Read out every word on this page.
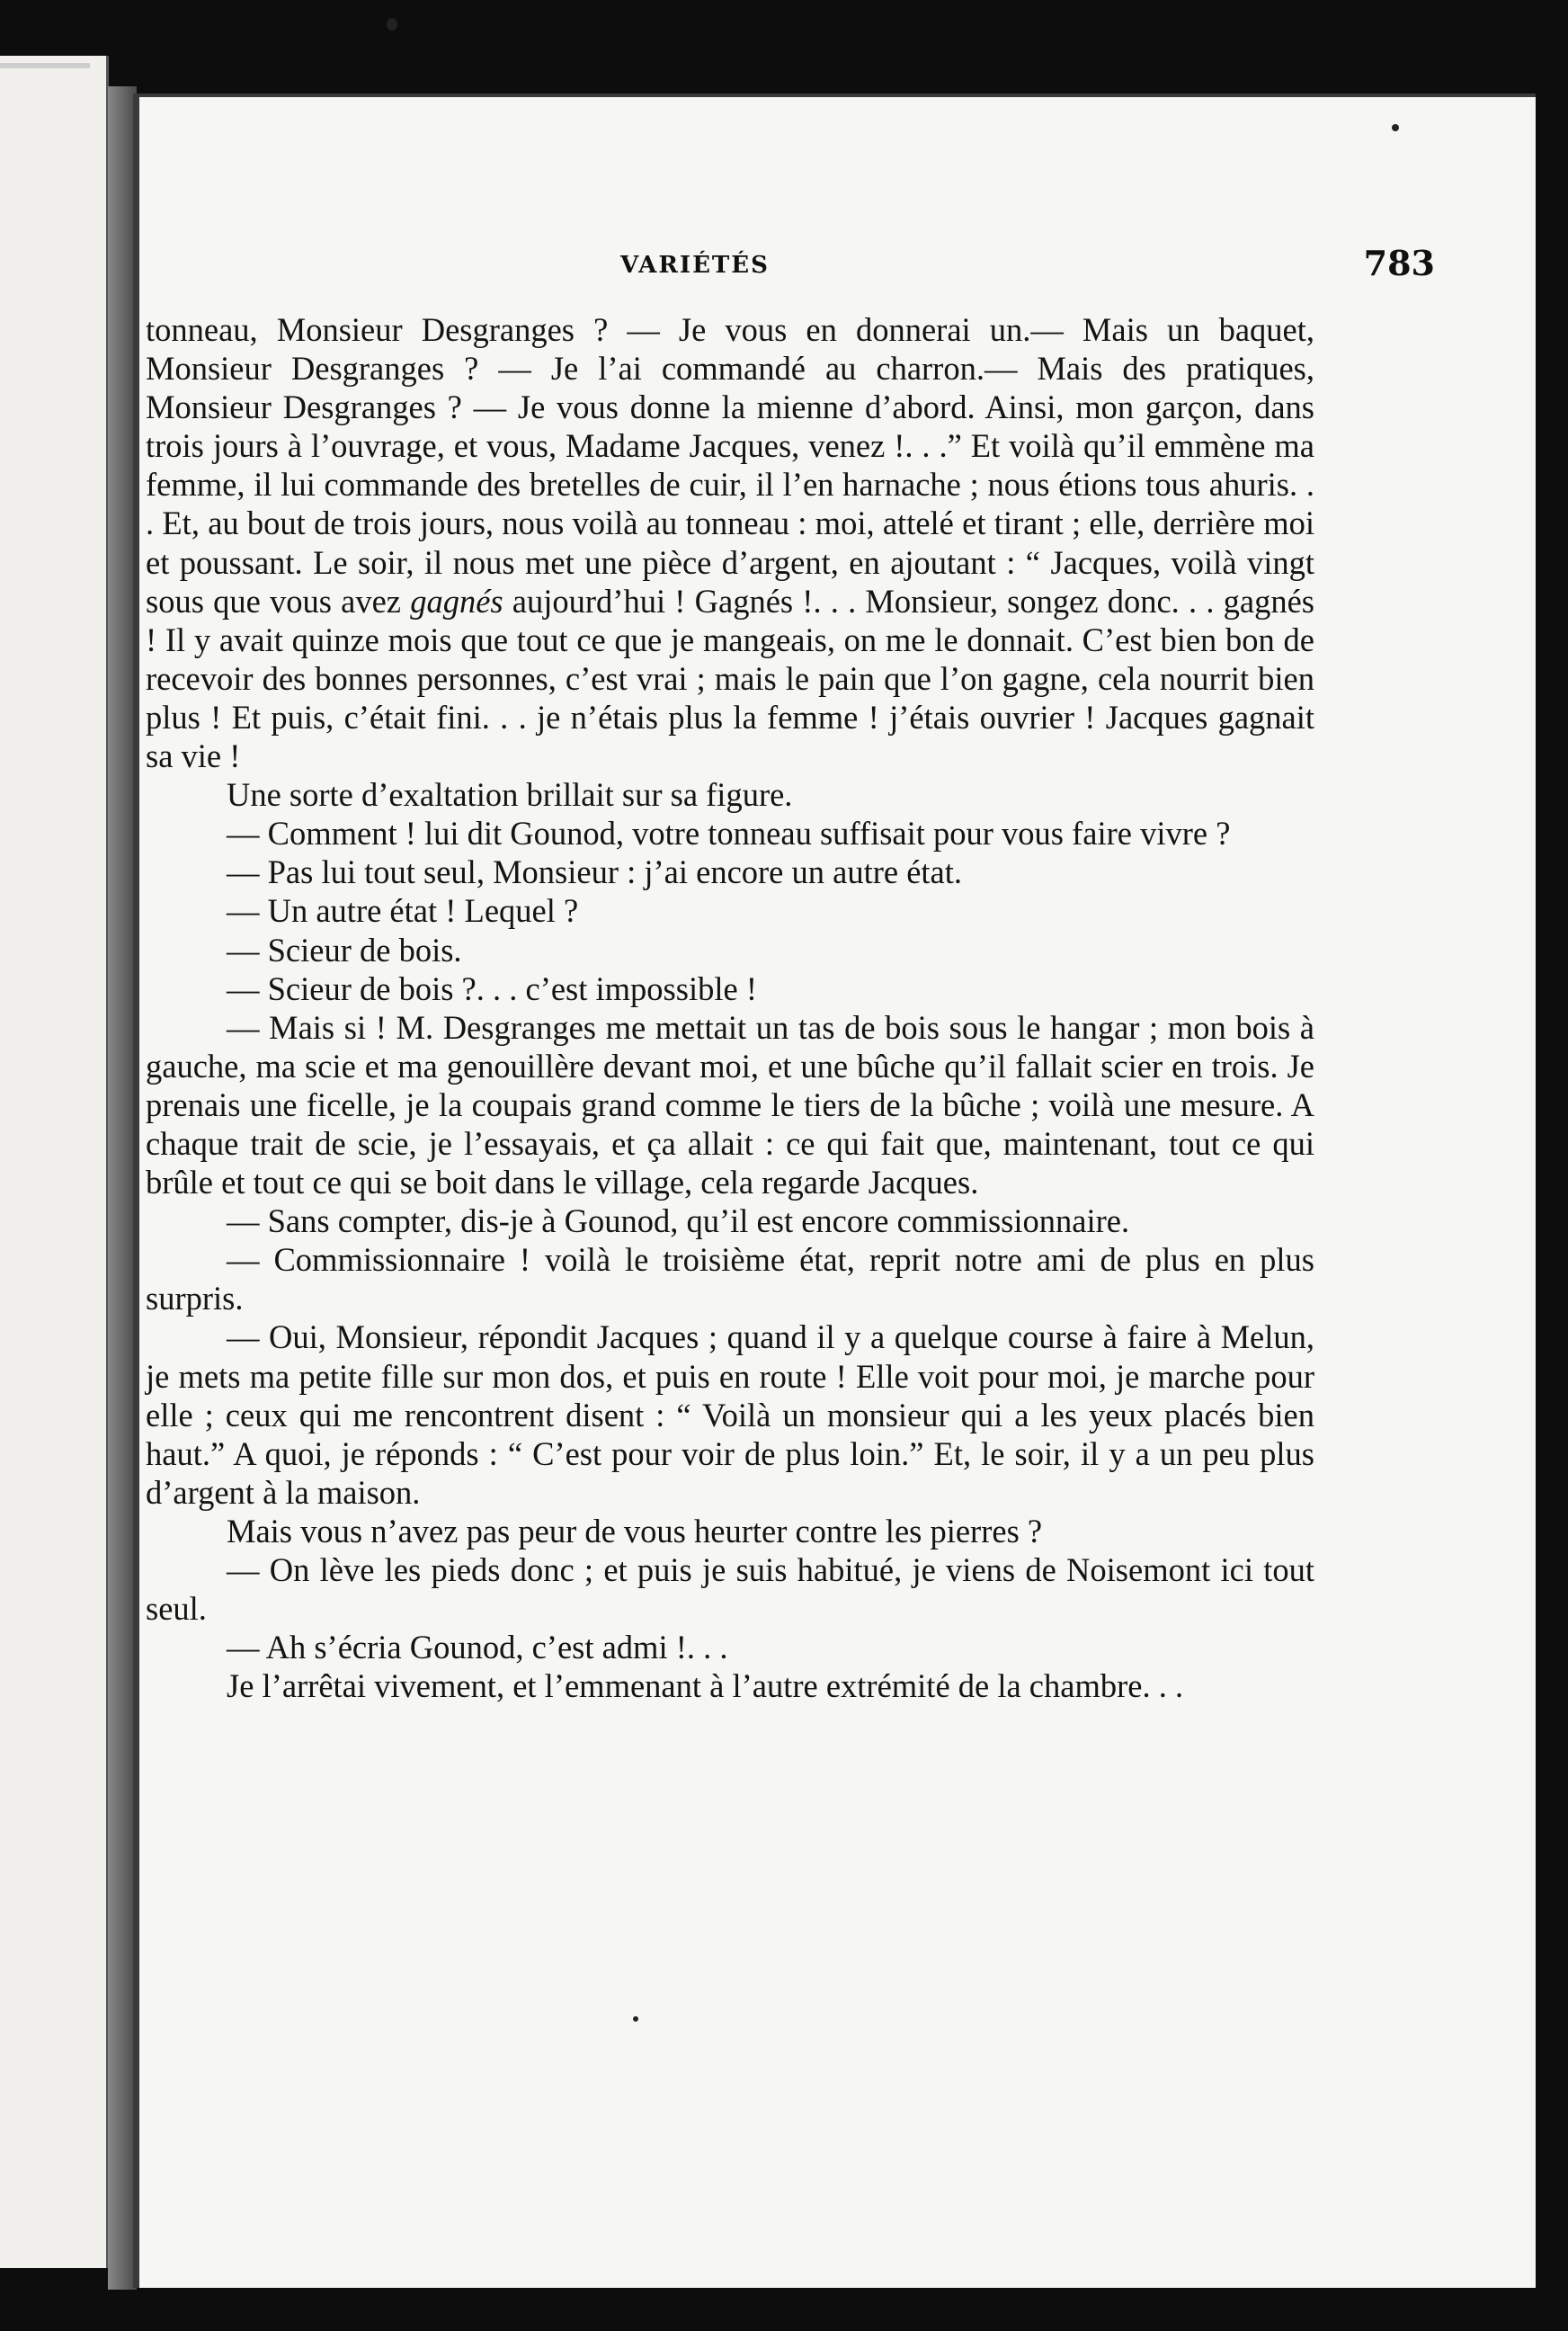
VARIÉTÉS	783

tonneau, Monsieur Desgranges ? — Je vous en donnerai un.— Mais un baquet, Monsieur Desgranges ? — Je l’ai commandé au charron.— Mais des pratiques, Monsieur Desgranges ? — Je vous donne la mienne d’abord. Ainsi, mon garçon, dans trois jours à l’ouvrage, et vous, Madame Jacques, venez !. . .” Et voilà qu’il emmène ma femme, il lui commande des bretelles de cuir, il l’en harnache ; nous étions tous ahuris. . . Et, au bout de trois jours, nous voilà au tonneau : moi, attelé et tirant ; elle, derrière moi et poussant. Le soir, il nous met une pièce d’argent, en ajoutant : “ Jacques, voilà vingt sous que vous avez gagnés aujourd’hui ! Gagnés !. . . Monsieur, songez donc. . . gagnés ! Il y avait quinze mois que tout ce que je mangeais, on me le donnait. C’est bien bon de recevoir des bonnes personnes, c’est vrai ; mais le pain que l’on gagne, cela nourrit bien plus ! Et puis, c’était fini. . . je n’étais plus la femme ! j’étais ouvrier ! Jacques gagnait sa vie !

Une sorte d’exaltation brillait sur sa figure.

— Comment ! lui dit Gounod, votre tonneau suffisait pour vous faire vivre ?

— Pas lui tout seul, Monsieur : j’ai encore un autre état.

— Un autre état ! Lequel ?

— Scieur de bois.

— Scieur de bois ?. . . c’est impossible !

— Mais si ! M. Desgranges me mettait un tas de bois sous le hangar ; mon bois à gauche, ma scie et ma genouillère devant moi, et une bûche qu’il fallait scier en trois. Je prenais une ficelle, je la coupais grand comme le tiers de la bûche ; voilà une mesure. A chaque trait de scie, je l’essayais, et ça allait : ce qui fait que, maintenant, tout ce qui brûle et tout ce qui se boit dans le village, cela regarde Jacques.

— Sans compter, dis-je à Gounod, qu’il est encore commissionnaire.

— Commissionnaire ! voilà le troisième état, reprit notre ami de plus en plus surpris.

— Oui, Monsieur, répondit Jacques ; quand il y a quelque course à faire à Melun, je mets ma petite fille sur mon dos, et puis en route ! Elle voit pour moi, je marche pour elle ; ceux qui me rencontrent disent : “ Voilà un monsieur qui a les yeux placés bien haut.” A quoi, je réponds : “ C’est pour voir de plus loin.” Et, le soir, il y a un peu plus d’argent à la maison.

Mais vous n’avez pas peur de vous heurter contre les pierres ?

— On lève les pieds donc ; et puis je suis habitué, je viens de Noisemont ici tout seul.

— Ah s’écria Gounod, c’est admi !. . .

Je l’arrêtai vivement, et l’emmenant à l’autre extrémité de la chambre. . .
